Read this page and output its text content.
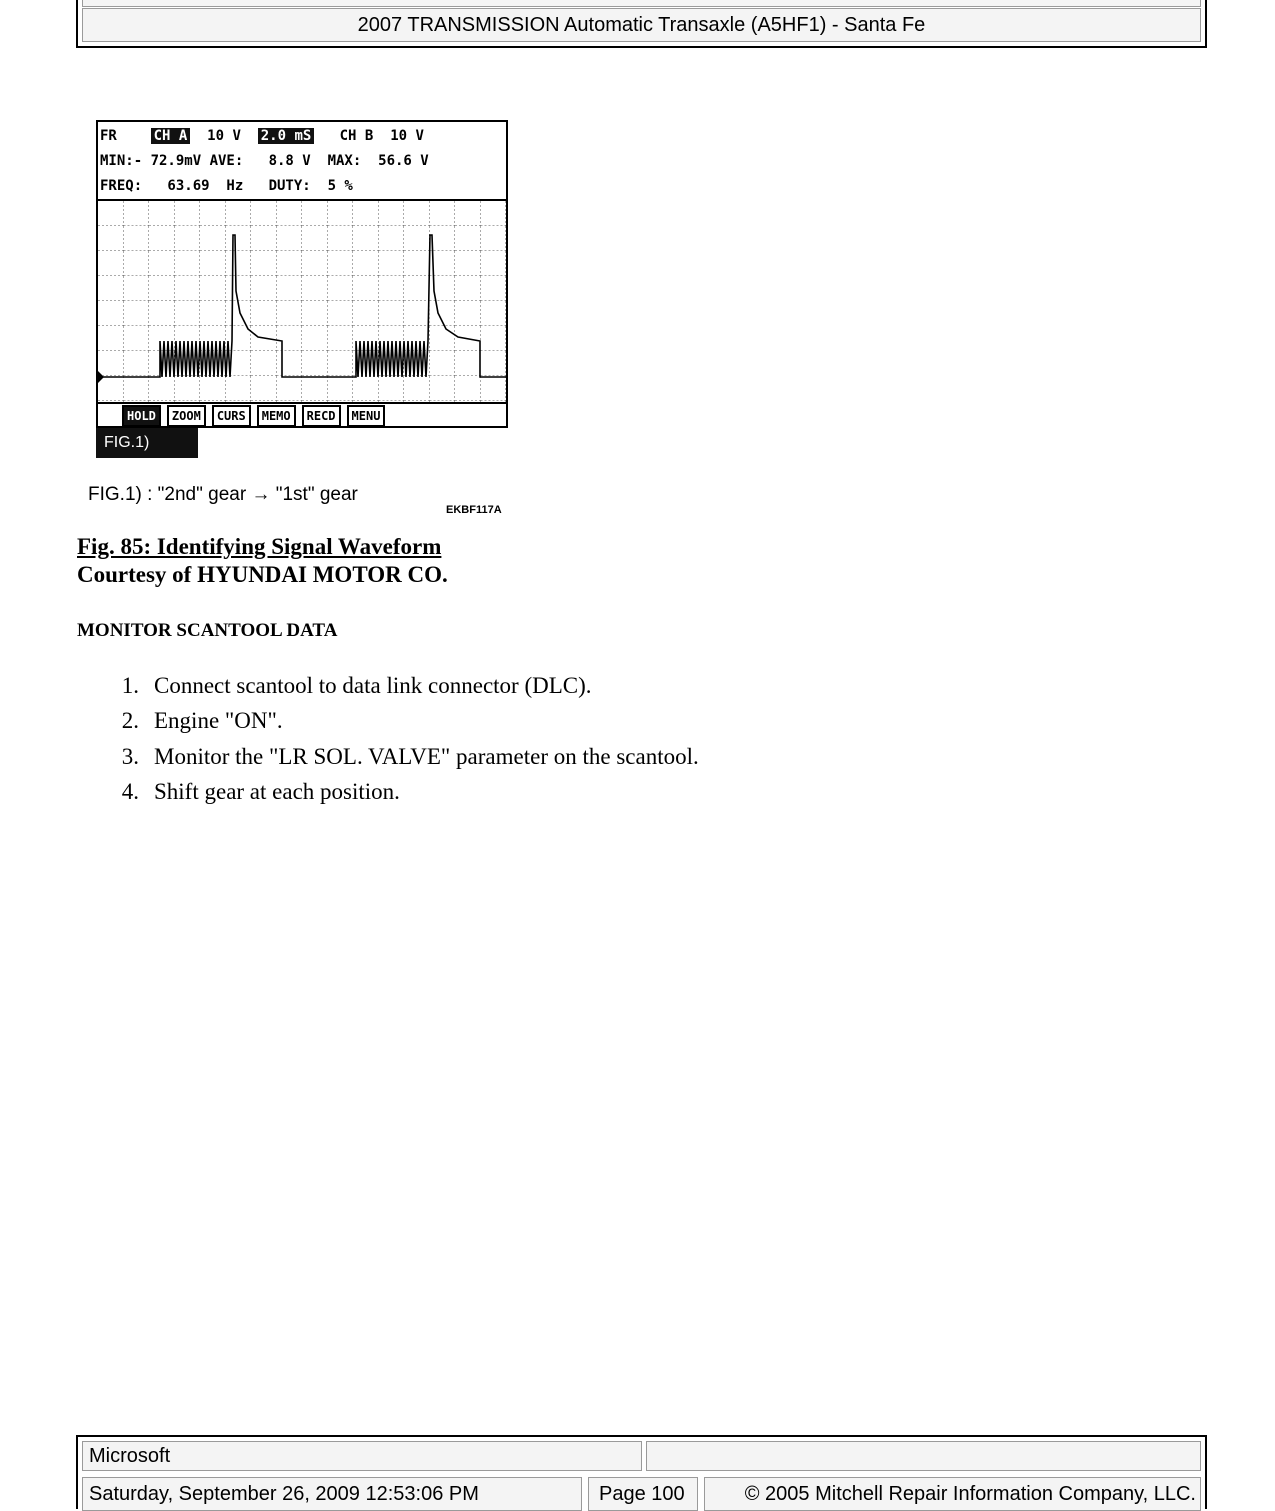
2007 TRANSMISSION Automatic Transaxle (A5HF1) - Santa Fe
FR	CH A 10 V 2.0 mS CH B 10 V
MIN:- 72.9mV AVE:   8.8 V  MAX:  56.6 V
FREQ:   63.69  Hz   DUTY:  5 %
HOLD	ZOOM	CURS	MEMO	RECD	MENU
FIG.1)
FIG.1) : "2nd" gear → "1st" gear
EKBF117A
Fig. 85: Identifying Signal Waveform
Courtesy of HYUNDAI MOTOR CO.
MONITOR SCANTOOL DATA
1. Connect scantool to data link connector (DLC).
2. Engine "ON".
3. Monitor the "LR SOL. VALVE" parameter on the scantool.
4. Shift gear at each position.
Microsoft
Saturday, September 26, 2009 12:53:06 PM	Page 100	© 2005 Mitchell Repair Information Company, LLC.
